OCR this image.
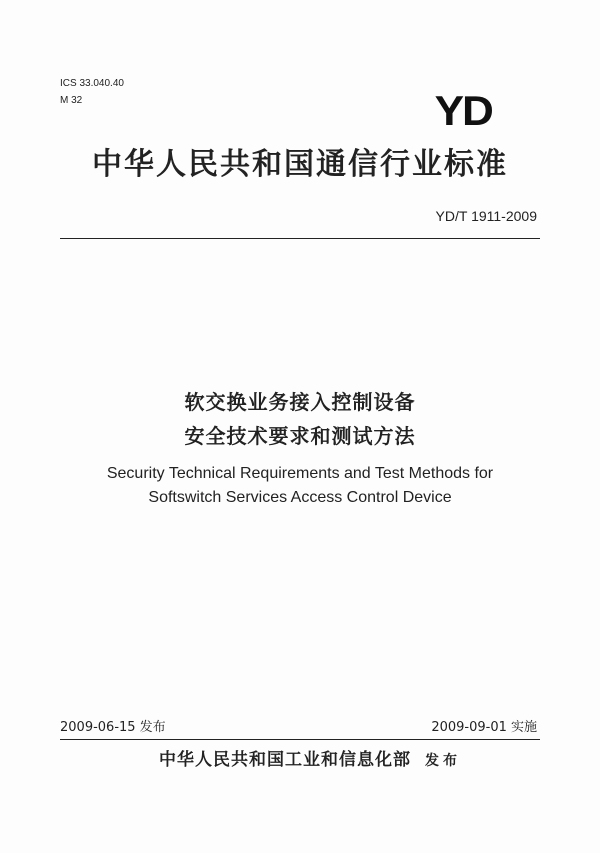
ICS 33.040.40
M 32	YD
中华人民共和国通信行业标准
YD/T 1911-2009
软交换业务接入控制设备
安全技术要求和测试方法
Security Technical Requirements and Test Methods for
Softswitch Services Access Control Device
2009-06-15 发布	2009-09-01 实施
中华人民共和国工业和信息化部 发布
